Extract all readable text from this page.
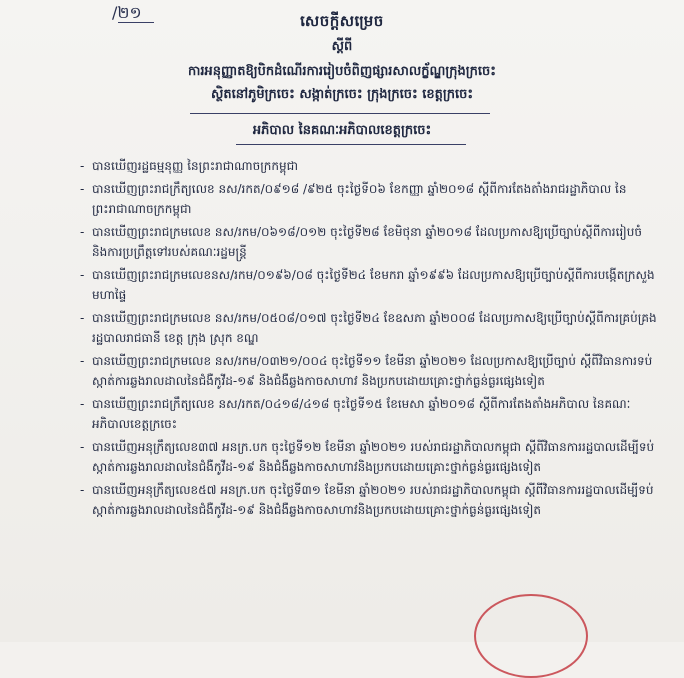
/២១	សេចក្តីសម្រេច
ស្តីពី
ការអនុញ្ញាតឱ្យបិកដំណើរការរៀបចំពិញផ្សារសាលក្ខ័ណ្ឌក្រុងក្រចេះ
ស្ថិតនៅភូមិក្រចេះ សង្កាត់ក្រចេះ ក្រុងក្រចេះ ខេត្តក្រចេះ
អភិបាល នៃគណៈអភិបាលខេត្តក្រចេះ
- បានឃើញរដ្ឋធម្មនុញ្ញ នៃព្រះរាជាណាចក្រកម្ពុជា
- បានឃើញព្រះរាជក្រឹត្យលេខ នស/រកត/០៩១៨ /៩២៥ ចុះថ្ងៃទី០៦ ខែកញ្ញា ឆ្នាំ២០១៨ ស្តីពីការតែងតាំងរាជរដ្ឋាភិបាល នៃព្រះរាជាណាចក្រកម្ពុជា
- បានឃើញព្រះរាជក្រមលេខ នស/រកម/០៦១៨/០១២ ចុះថ្ងៃទី២៨ ខែមិថុនា ឆ្នាំ២០១៨ ដែលប្រកាសឱ្យប្រើច្បាប់ស្តីពីការរៀបចំ និងការប្រព្រឹត្តទៅរបស់គណៈរដ្ឋមន្ត្រី
- បានឃើញព្រះរាជក្រមលេខនស/រកម/០១៩៦/០៨ ចុះថ្ងៃទី២៤ ខែមករា ឆ្នាំ១៩៩៦ ដែលប្រកាសឱ្យប្រើច្បាប់ស្តីពីការបង្កើតក្រសួងមហាផ្ទៃ
- បានឃើញព្រះរាជក្រមលេខ នស/រកម/០៥០៨/០១៧ ចុះថ្ងៃទី២៤ ខែឧសភា ឆ្នាំ២០០៨ ដែលប្រកាសឱ្យប្រើច្បាប់ស្តីពីការគ្រប់គ្រងរដ្ឋបាលរាជធានី ខេត្ត ក្រុង ស្រុក ខណ្ឌ
- បានឃើញព្រះរាជក្រមលេខ នស/រកម/០៣២១/០០៤ ចុះថ្ងៃទី១១ ខែមីនា ឆ្នាំ២០២១ ដែលប្រកាសឱ្យប្រើច្បាប់ ស្តីពីវិធានការទប់ស្កាត់ការឆ្លងរាលដាលនៃជំងឺកូវីដ-១៩ និងជំងឺឆ្លងកាចសាហាវ និងប្រកបដោយគ្រោះថ្នាក់ធ្ងន់ធ្ងរផ្សេងទៀត
- បានឃើញព្រះរាជក្រឹត្យលេខ នស/រកត/០៤១៨/៤១៨ ចុះថ្ងៃទី១៥ ខែមេសា ឆ្នាំ២០១៨ ស្តីពីការតែងតាំងអភិបាល នៃគណៈអភិបាលខេត្តក្រចេះ
- បានឃើញអនុក្រឹត្យលេខ៣៧ អនក្រ.បក ចុះថ្ងៃទី១២ ខែមីនា ឆ្នាំ២០២១ របស់រាជរដ្ឋាភិបាលកម្ពុជា ស្តីពីវិធានការរដ្ឋបាលដើម្បីទប់ស្កាត់ការឆ្លងរាលដាលនៃជំងឺកូវីដ-១៩ និងជំងឺឆ្លងកាចសាហាវនិងប្រកបដោយគ្រោះថ្នាក់ធ្ងន់ធ្ងរផ្សេងទៀត
- បានឃើញអនុក្រឹត្យលេខ៥៧ អនក្រ.បក ចុះថ្ងៃទី៣១ ខែមីនា ឆ្នាំ២០២១ របស់រាជរដ្ឋាភិបាលកម្ពុជា ស្តីពីវិធានការរដ្ឋបាលដើម្បីទប់ស្កាត់ការឆ្លងរាលដាលនៃជំងឺកូវីដ-១៩ និងជំងឺឆ្លងកាចសាហាវនិងប្រកបដោយគ្រោះថ្នាក់ធ្ងន់ធ្ងរផ្សេងទៀត
